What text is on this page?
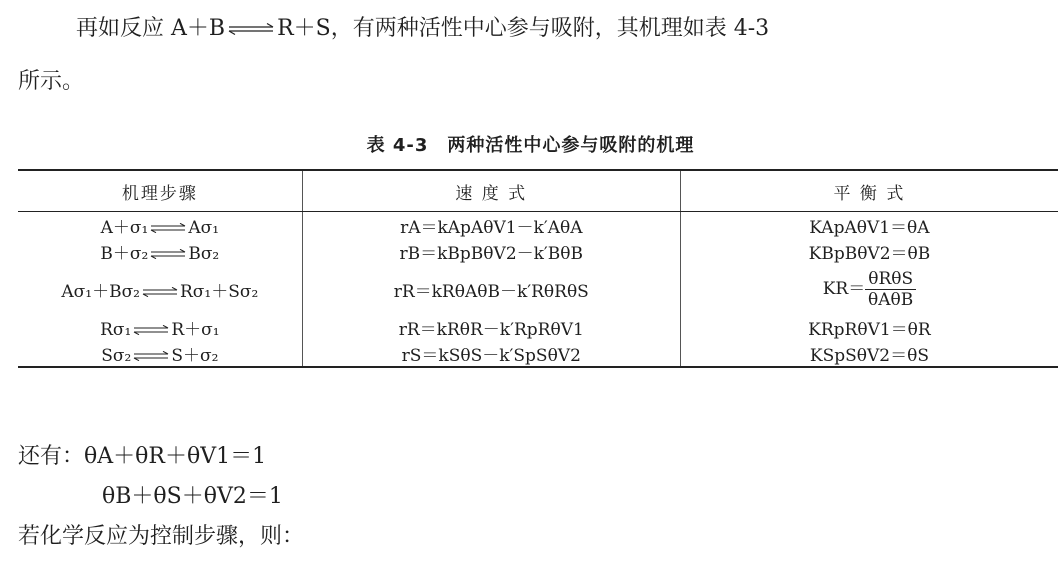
再如反应 A＋B ⇌ R＋S，有两种活性中心参与吸附，其机理如表 4-3
所示。
表 4-3　两种活性中心参与吸附的机理
机理步骤	速 度 式	平 衡 式
A＋σ₁ ⇌ Aσ₁	rA＝kApAθV1－k′AθA	KApAθV1＝θA
B＋σ₂ ⇌ Bσ₂	rB＝kBpBθV2－k′BθB	KBpBθV2＝θB
Aσ₁＋Bσ₂ ⇌ Rσ₁＋Sσ₂	rR＝kRθAθB－k′RθRθS	$KR= \frac{\text{θRθS}}{\text{θAθB}}$

Rσ₁ ⇌ R＋σ₁	rR＝kRθR－k′RpRθV1	KRpRθV1＝θR
Sσ₂ ⇌ S＋σ₂	rS＝kSθS－k′SpSθV2	KSpSθV2＝θS
还有：θA＋θR＋θV1＝1
θB＋θS＋θV2＝1
若化学反应为控制步骤，则：
